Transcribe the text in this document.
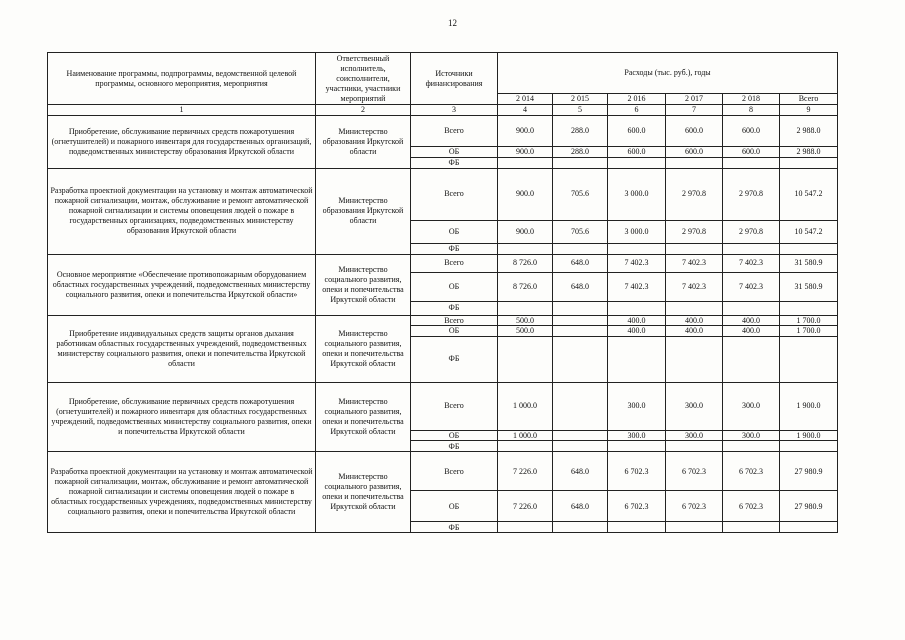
12
Наименование программы, подпрограммы, ведомственной целевой программы, основного мероприятия, мероприятия	Ответственный исполнитель, соисполнители, участники, участники мероприятий	Источники финансирования	Расходы (тыс. руб.), годы					
			2 014	2 015	2 016	2 017	2 018	Всего
1	2	3	4	5	6	7	8	9
Приобретение, обслуживание первичных средств пожаротушения (огнетушителей) и пожарного инвентаря для государственных организаций, подведомственных министерству образования Иркутской области	Министерство образования Иркутской области	Всего	900.0	288.0	600.0	600.0	600.0	2 988.0
		ОБ	900.0	288.0	600.0	600.0	600.0	2 988.0
		ФБ						
Разработка проектной документации на установку и монтаж автоматической пожарной сигнализации, монтаж, обслуживание и ремонт автоматической пожарной сигнализации и системы оповещения людей о пожаре в государственных организациях, подведомственных министерству образования Иркутской области	Министерство образования Иркутской области	Всего	900.0	705.6	3 000.0	2 970.8	2 970.8	10 547.2
		ОБ	900.0	705.6	3 000.0	2 970.8	2 970.8	10 547.2
		ФБ						
Основное мероприятие «Обеспечение противопожарным оборудованием областных государственных учреждений, подведомственных министерству социального развития, опеки и попечительства Иркутской области»	Министерство социального развития, опеки и попечительства Иркутской области	Всего	8 726.0	648.0	7 402.3	7 402.3	7 402.3	31 580.9
		ОБ	8 726.0	648.0	7 402.3	7 402.3	7 402.3	31 580.9
		ФБ						
Приобретение индивидуальных средств защиты органов дыхания работникам областных государственных учреждений, подведомственных министерству социального развития, опеки и попечительства Иркутской области	Министерство социального развития, опеки и попечительства Иркутской области	Всего	500.0		400.0	400.0	400.0	1 700.0
		ОБ	500.0		400.0	400.0	400.0	1 700.0
		ФБ						
Приобретение, обслуживание первичных средств пожаротушения (огнетушителей) и пожарного инвентаря для областных государственных учреждений, подведомственных министерству социального развития, опеки и попечительства Иркутской области	Министерство социального развития, опеки и попечительства Иркутской области	Всего	1 000.0		300.0	300.0	300.0	1 900.0
		ОБ	1 000.0		300.0	300.0	300.0	1 900.0
		ФБ						
Разработка проектной документации на установку и монтаж автоматической пожарной сигнализации, монтаж, обслуживание и ремонт автоматической пожарной сигнализации и системы оповещения людей о пожаре в областных государственных учреждениях, подведомственных министерству социального развития, опеки и попечительства Иркутской области	Министерство социального развития, опеки и попечительства Иркутской области	Всего	7 226.0	648.0	6 702.3	6 702.3	6 702.3	27 980.9
		ОБ	7 226.0	648.0	6 702.3	6 702.3	6 702.3	27 980.9
		ФБ						
